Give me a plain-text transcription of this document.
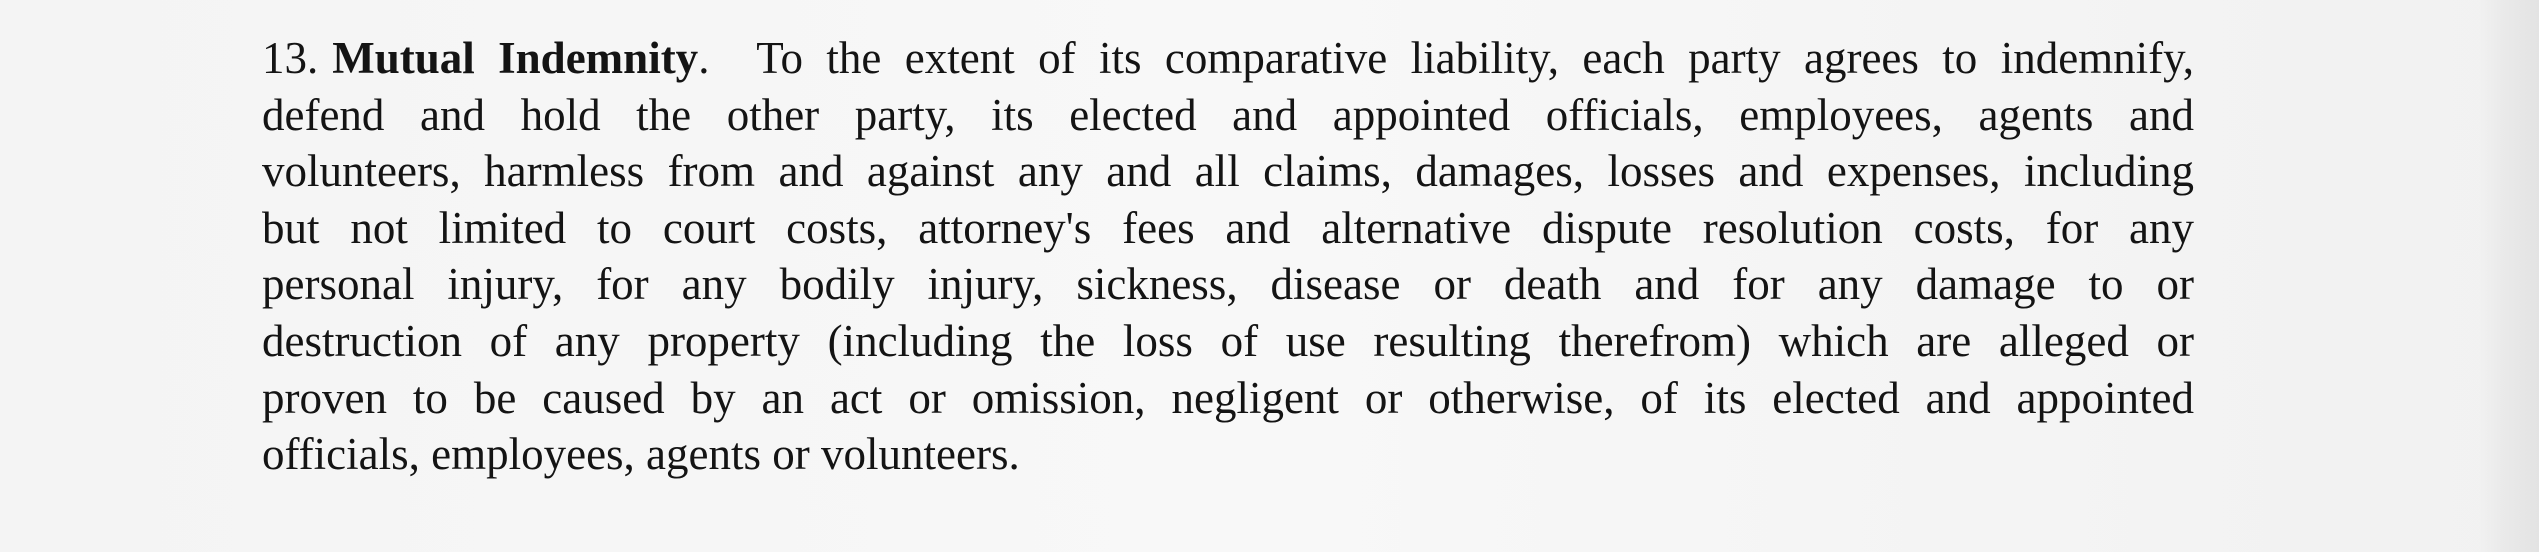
13. Mutual Indemnity. To the extent of its comparative liability, each party agrees to indemnify,
defend and hold the other party, its elected and appointed officials, employees, agents and
volunteers, harmless from and against any and all claims, damages, losses and expenses, including
but not limited to court costs, attorney's fees and alternative dispute resolution costs, for any
personal injury, for any bodily injury, sickness, disease or death and for any damage to or
destruction of any property (including the loss of use resulting therefrom) which are alleged or
proven to be caused by an act or omission, negligent or otherwise, of its elected and appointed
officials, employees, agents or volunteers.
